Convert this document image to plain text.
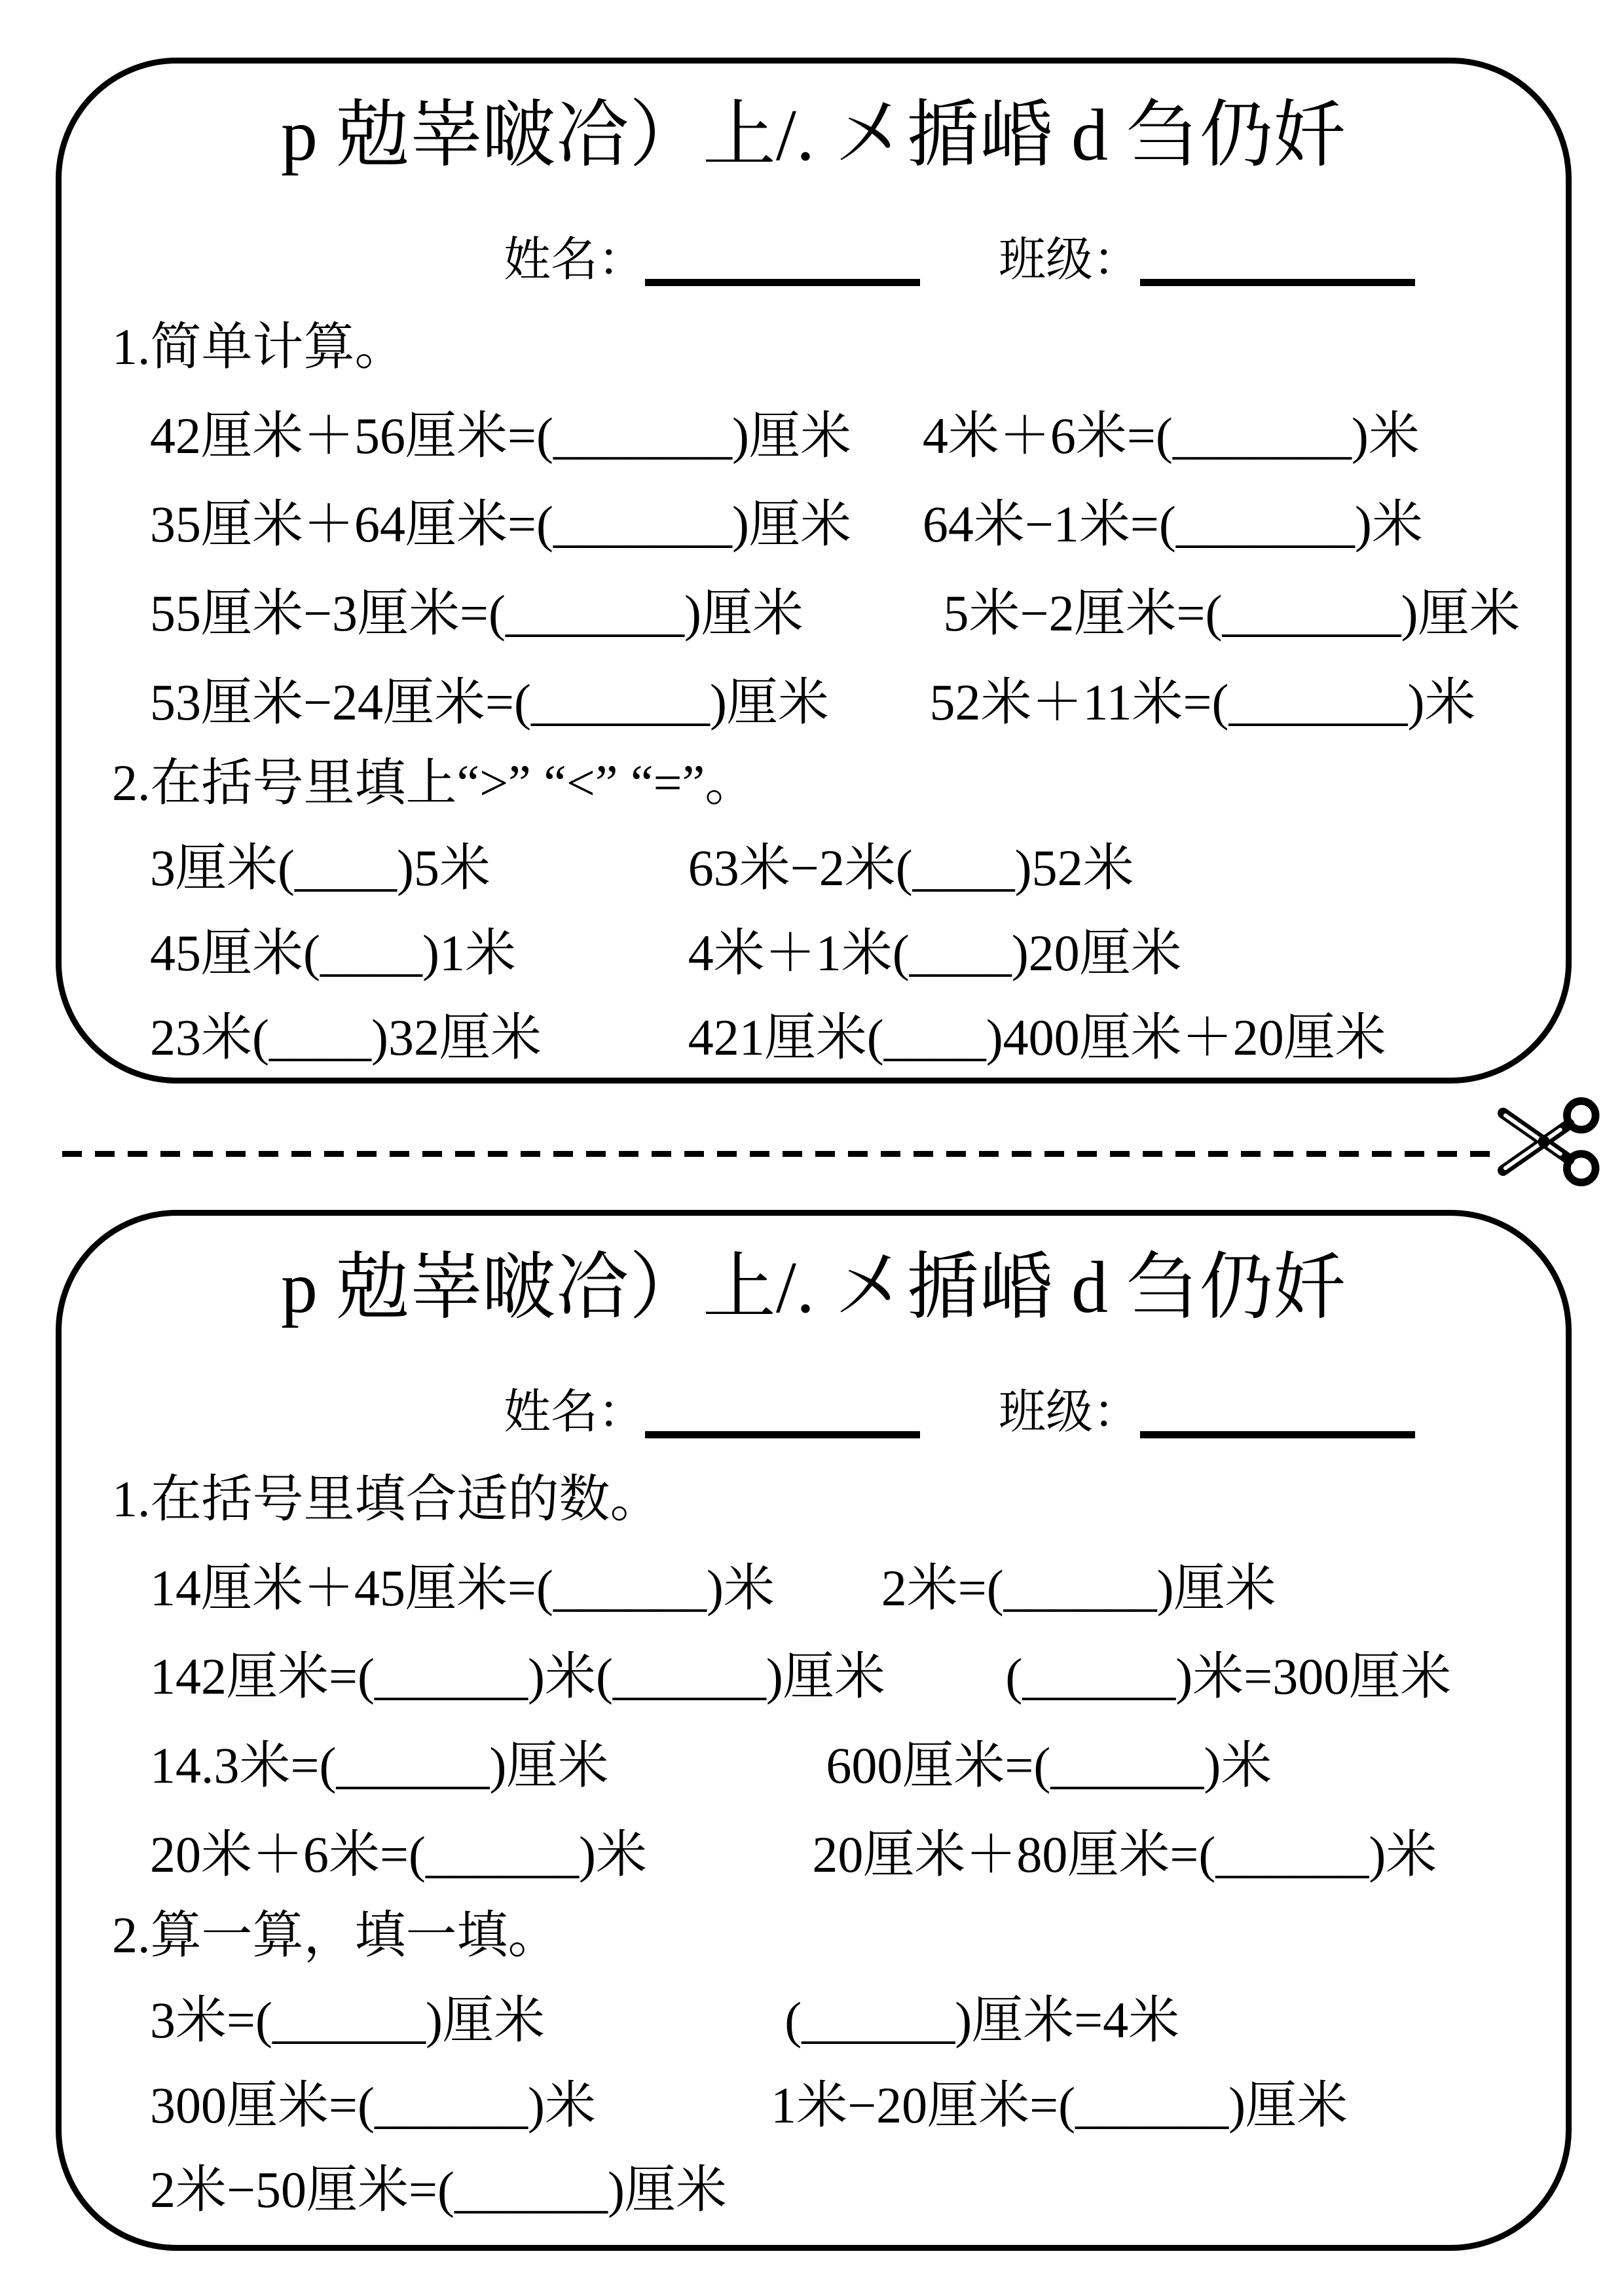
p 勊峷啵冾）上/. 㐅揗崏 d 刍仍奷
姓名：	班级：
1.简单计算。
42厘米＋56厘米=(_______)厘米	4米＋6米=(_______)米
35厘米＋64厘米=(_______)厘米	64米−1米=(_______)米
55厘米−3厘米=(_______)厘米	5米−2厘米=(_______)厘米
53厘米−24厘米=(_______)厘米	52米＋11米=(_______)米
2.在括号里填上“>” “<” “=”。
3厘米(____)5米	63米−2米(____)52米
45厘米(____)1米	4米＋1米(____)20厘米
23米(____)32厘米	421厘米(____)400厘米＋20厘米
p 勊峷啵冾）上/. 㐅揗崏 d 刍仍奷
姓名：	班级：
1.在括号里填合适的数。
14厘米＋45厘米=(______)米	2米=(______)厘米
142厘米=(______)米(______)厘米	(______)米=300厘米
14.3米=(______)厘米	600厘米=(______)米
20米＋6米=(______)米	20厘米＋80厘米=(______)米
2.算一算，填一填。
3米=(______)厘米	(______)厘米=4米
300厘米=(______)米	1米−20厘米=(______)厘米
2米−50厘米=(______)厘米
